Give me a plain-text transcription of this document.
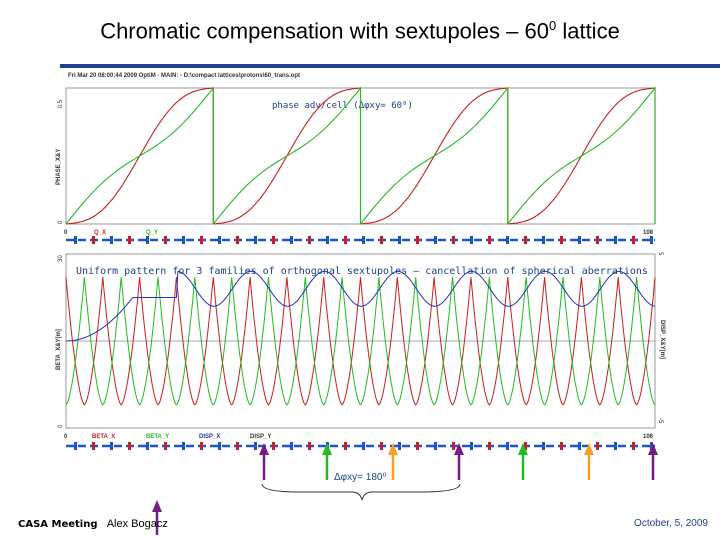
Chromatic compensation with sextupoles – $60^0$ lattice
Fri Mar 20 08:00:44 2009 OptiM - MAIN: - D:\compact lattices\protons\60_trans.opt
phase adv/cell (Δφxy= 60⁰)
PHASE_X&Y
0.5
0
0	108
Q_X	Q_Y
Uniform pattern for 3 families of orthogonal sextupoles – cancellation of spherical aberrations
BETA_X&Y[m]	DISP_X&Y[m]
30
0
5
-5
0	106
BETA_X	BETA_Y	DISP_X	DISP_Y
Δφxy= 180⁰
CASA Meeting Alex Bogacz	October, 5, 2009
